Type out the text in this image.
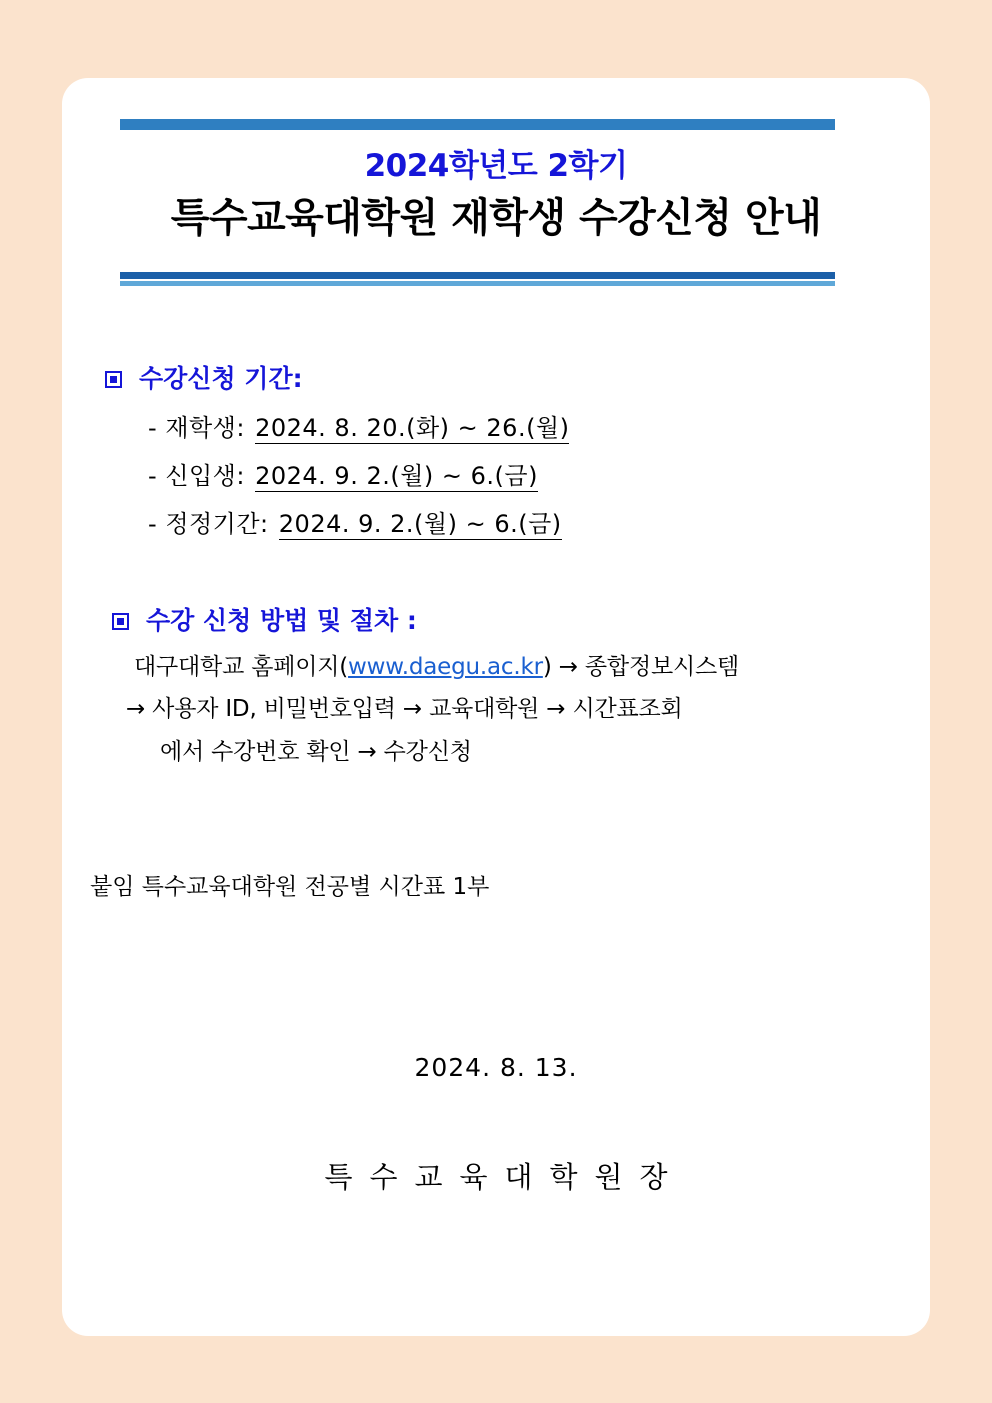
2024학년도 2학기
특수교육대학원 재학생 수강신청 안내
수강신청 기간:
- 재학생: 2024. 8. 20.(화) ~ 26.(월)
- 신입생: 2024. 9. 2.(월) ~ 6.(금)
- 정정기간: 2024. 9. 2.(월) ~ 6.(금)
수강 신청 방법 및 절차 :
대구대학교 홈페이지(www.daegu.ac.kr) → 종합정보시스템
→ 사용자 ID, 비밀번호입력 → 교육대학원 → 시간표조회
에서 수강번호 확인 → 수강신청
붙임 특수교육대학원 전공별 시간표 1부
2024. 8. 13.
특수교육대학원장
